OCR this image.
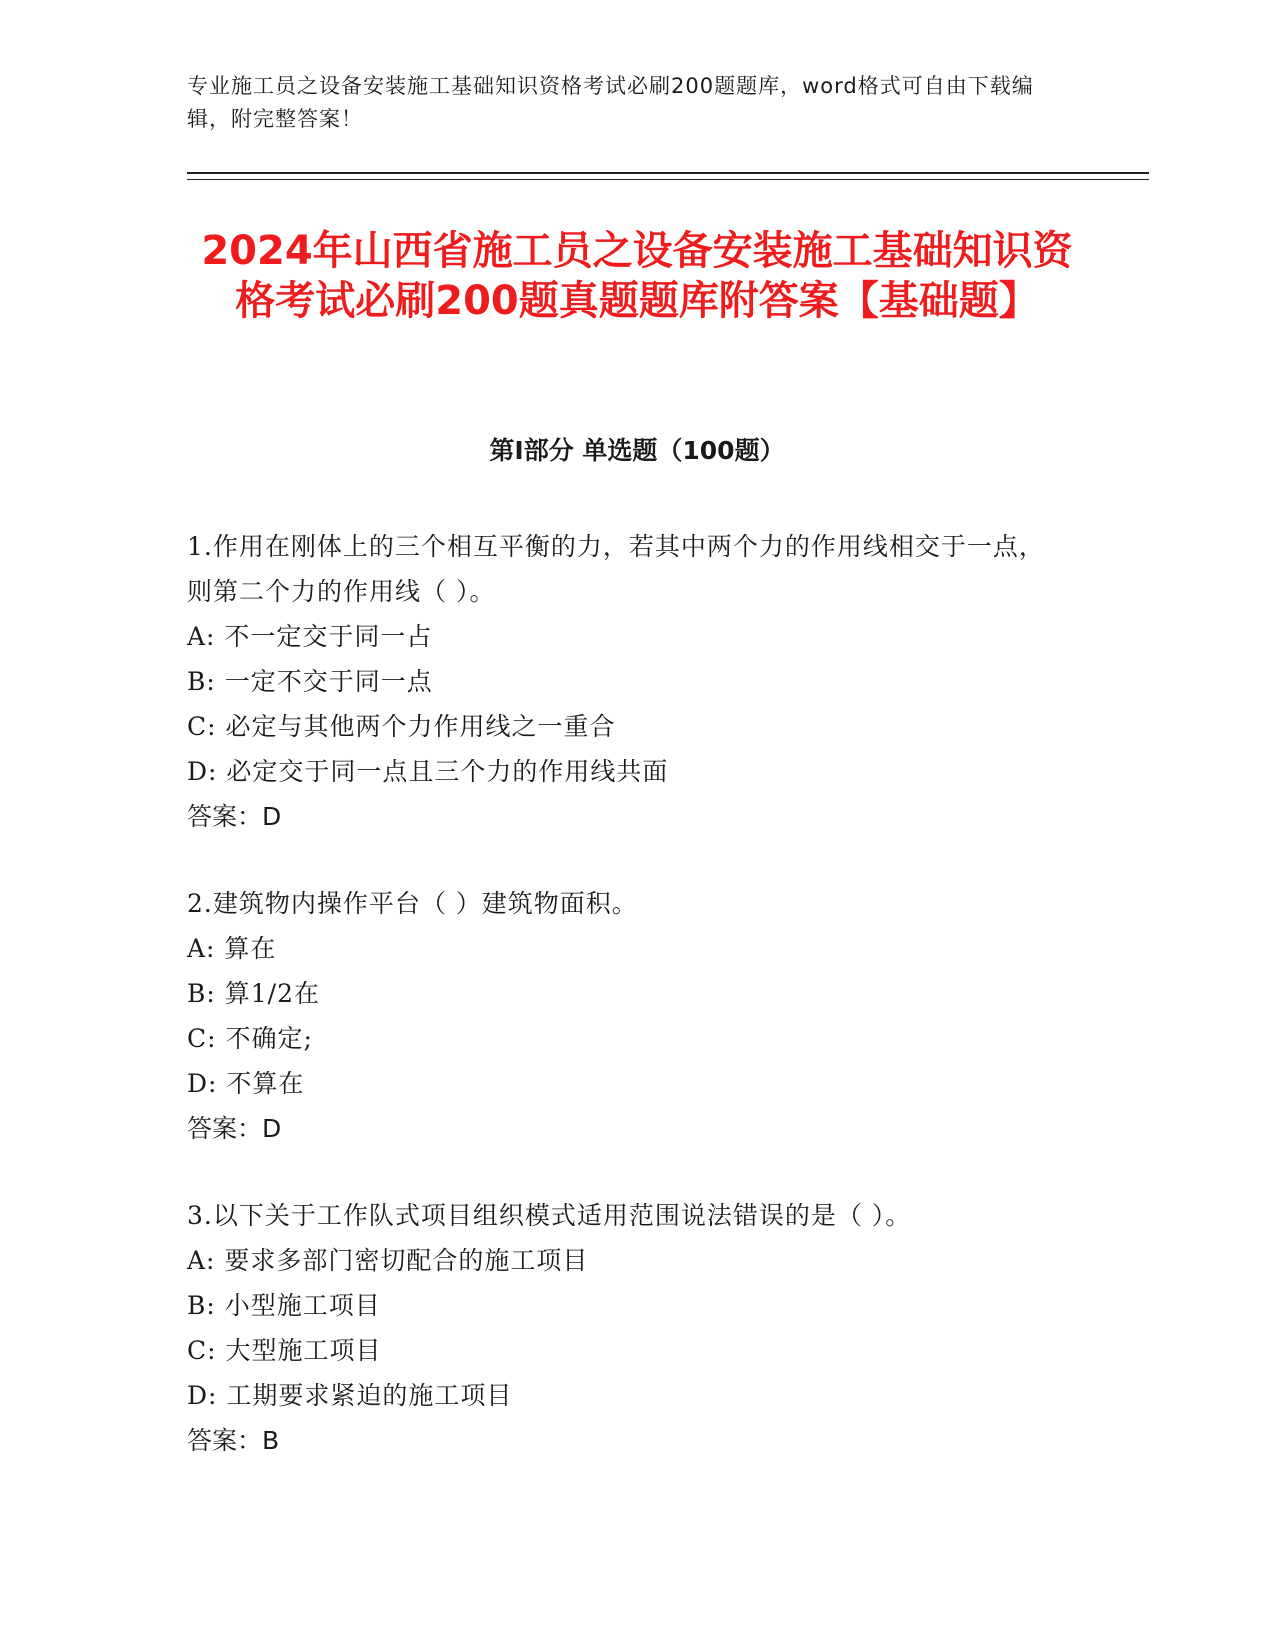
专业施工员之设备安装施工基础知识资格考试必刷200题题库，word格式可自由下载编辑，附完整答案！
2024年山西省施工员之设备安装施工基础知识资格考试必刷200题真题题库附答案【基础题】
第I部分 单选题（100题）
1.作用在刚体上的三个相互平衡的力，若其中两个力的作用线相交于一点，则第二个力的作用线（ ）。
A: 不一定交于同一占
B: 一定不交于同一点
C: 必定与其他两个力作用线之一重合
D: 必定交于同一点且三个力的作用线共面
答案：D
2.建筑物内操作平台（ ）建筑物面积。
A: 算在
B: 算1/2在
C: 不确定;
D: 不算在
答案：D
3.以下关于工作队式项目组织模式适用范围说法错误的是（ ）。
A: 要求多部门密切配合的施工项目
B: 小型施工项目
C: 大型施工项目
D: 工期要求紧迫的施工项目
答案：B
